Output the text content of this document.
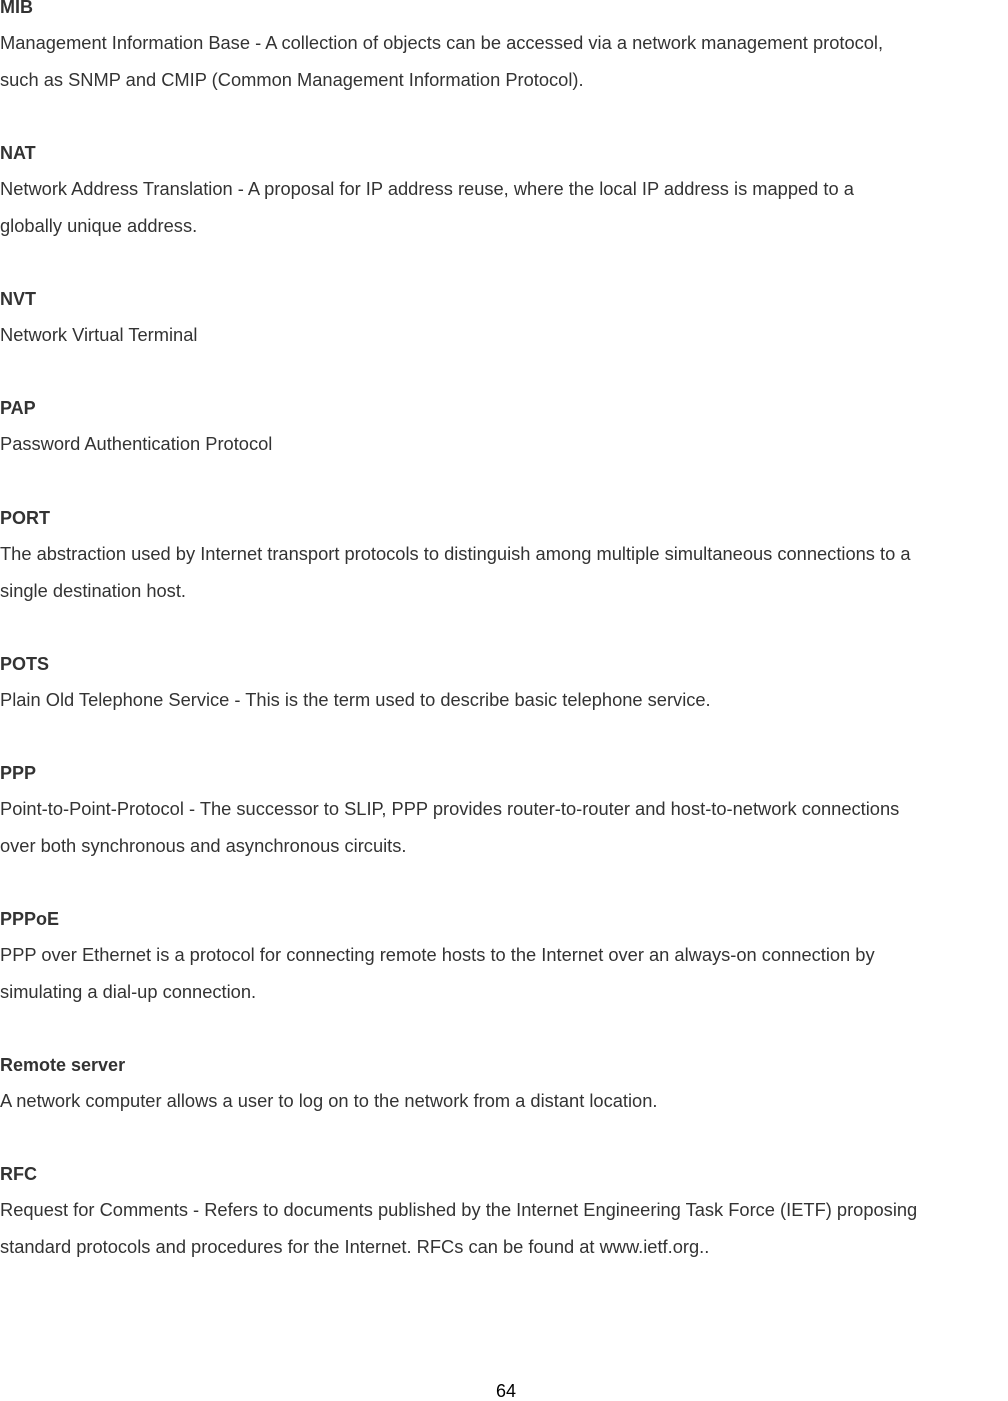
MIB

Management Information Base - A collection of objects can be accessed via a network management protocol,
such as SNMP and CMIP (Common Management Information Protocol).

NAT

Network Address Translation - A proposal for IP address reuse, where the local IP address is mapped to a
globally unique address.

NVT

Network Virtual Terminal

PAP

Password Authentication Protocol

PORT

The abstraction used by Internet transport protocols to distinguish among multiple simultaneous connections to a
single destination host.

POTS

Plain Old Telephone Service - This is the term used to describe basic telephone service.

PPP

Point-to-Point-Protocol - The successor to SLIP, PPP provides router-to-router and host-to-network connections
over both synchronous and asynchronous circuits.

PPPoE

PPP over Ethernet is a protocol for connecting remote hosts to the Internet over an always-on connection by
simulating a dial-up connection.

Remote server

A network computer allows a user to log on to the network from a distant location.

RFC

Request for Comments - Refers to documents published by the Internet Engineering Task Force (IETF) proposing
standard protocols and procedures for the Internet. RFCs can be found at www.ietf.org..

64
